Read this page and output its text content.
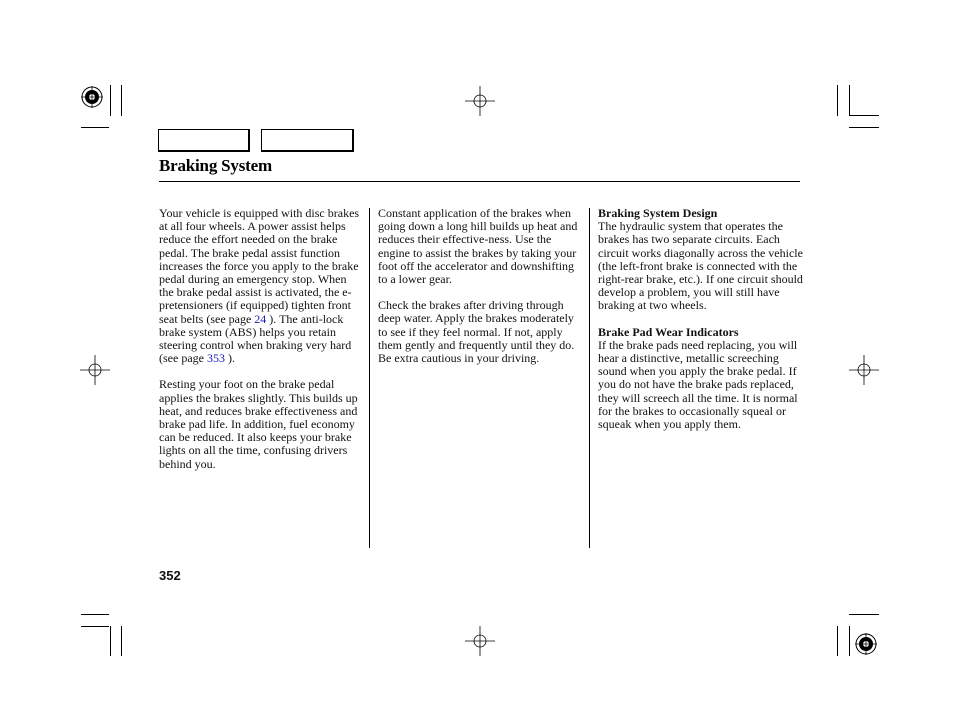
Braking System

Your vehicle is equipped with disc brakes at all four wheels. A power assist helps reduce the effort needed on the brake pedal. The brake pedal assist function increases the force you apply to the brake pedal during an emergency stop. When the brake pedal assist is activated, the e-pretensioners (if equipped) tighten front seat belts (see page 24 ). The anti-lock brake system (ABS) helps you retain steering control when braking very hard (see page 353 ).

Resting your foot on the brake pedal applies the brakes slightly. This builds up heat, and reduces brake effectiveness and brake pad life. In addition, fuel economy can be reduced. It also keeps your brake lights on all the time, confusing drivers behind you.

Constant application of the brakes when going down a long hill builds up heat and reduces their effective-ness. Use the engine to assist the brakes by taking your foot off the accelerator and downshifting to a lower gear.

Check the brakes after driving through deep water. Apply the brakes moderately to see if they feel normal. If not, apply them gently and frequently until they do. Be extra cautious in your driving.

Braking System Design

The hydraulic system that operates the brakes has two separate circuits. Each circuit works diagonally across the vehicle (the left-front brake is connected with the right-rear brake, etc.). If one circuit should develop a problem, you will still have braking at two wheels.

Brake Pad Wear Indicators

If the brake pads need replacing, you will hear a distinctive, metallic screeching sound when you apply the brake pedal. If you do not have the brake pads replaced, they will screech all the time. It is normal for the brakes to occasionally squeal or squeak when you apply them.

352
